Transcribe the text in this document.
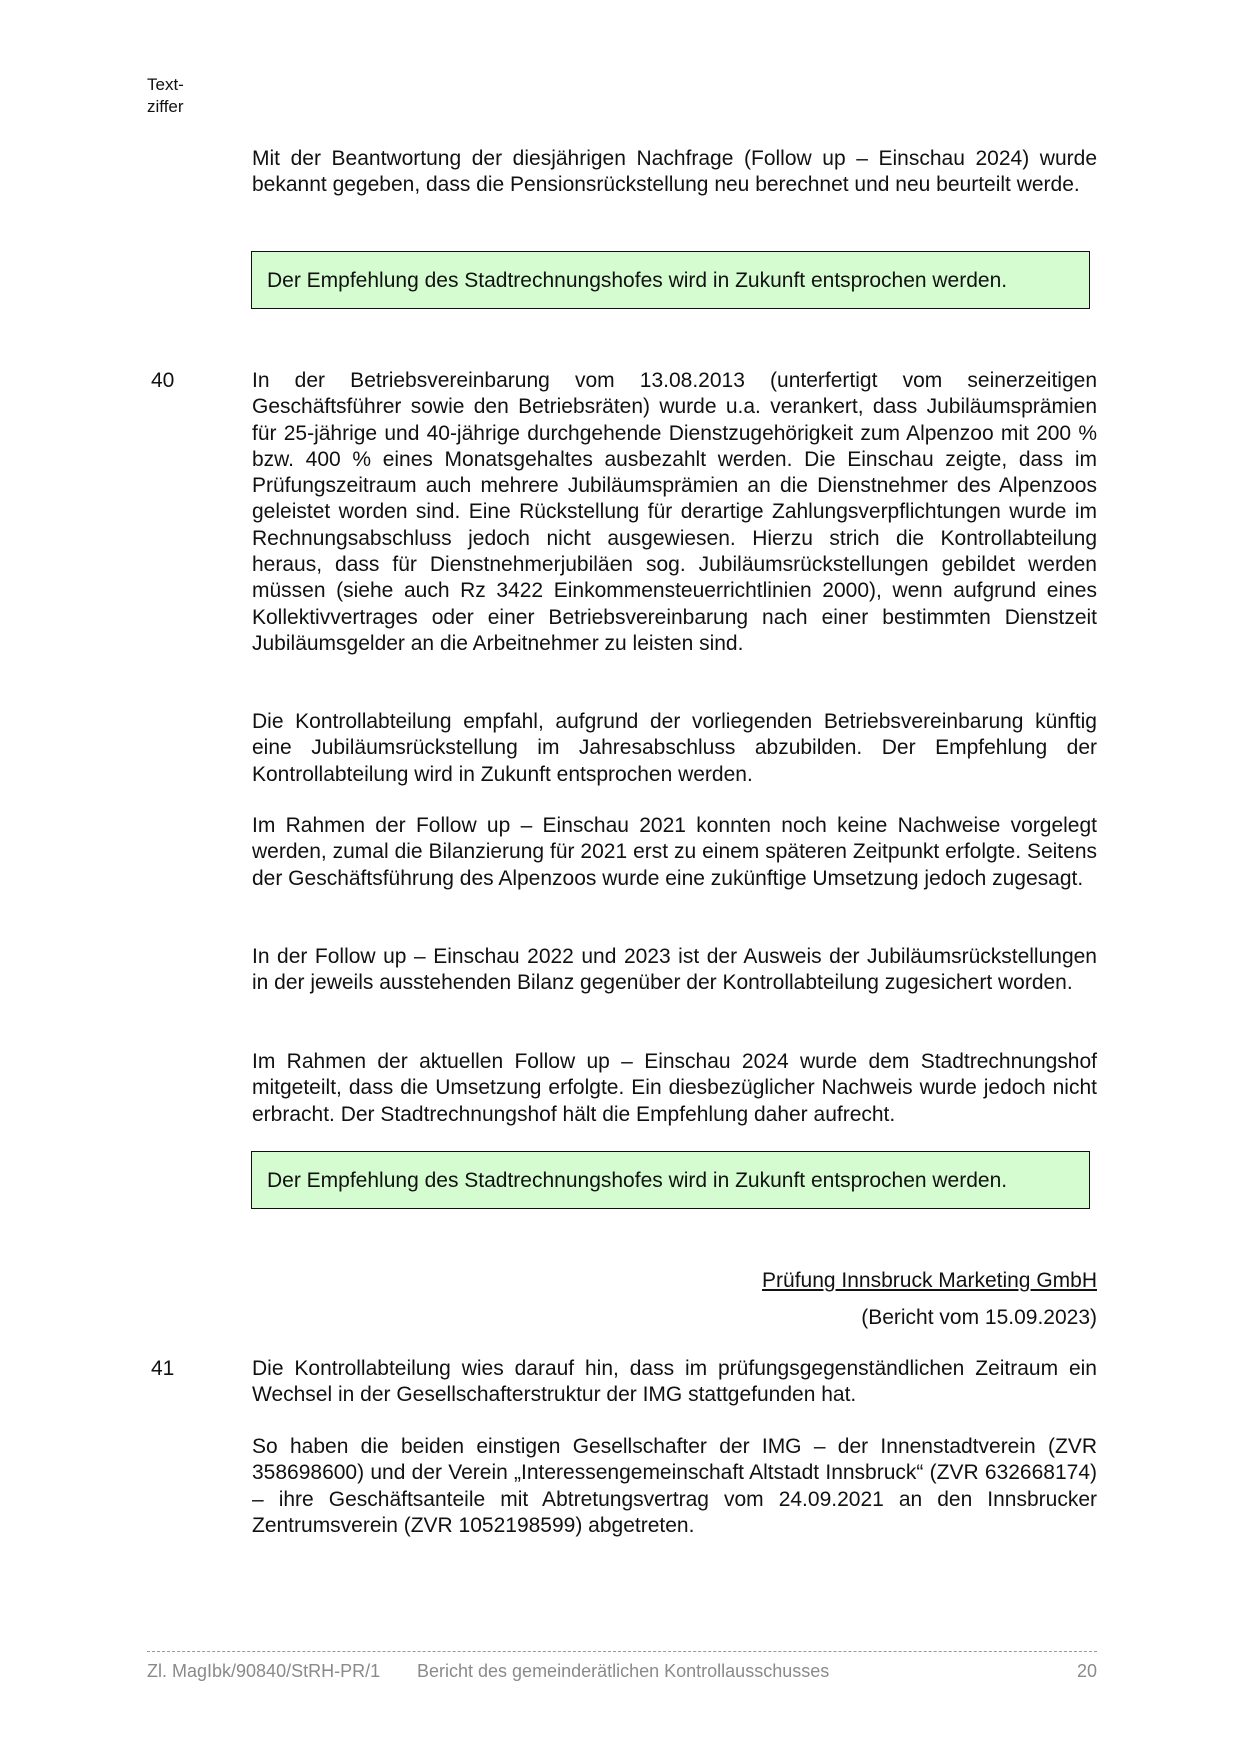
Text-
ziffer

Mit der Beantwortung der diesjährigen Nachfrage (Follow up – Einschau 2024) wurde bekannt gegeben, dass die Pensionsrückstellung neu berechnet und neu beurteilt werde.

Der Empfehlung des Stadtrechnungshofes wird in Zukunft entsprochen werden.
40	In der Betriebsvereinbarung vom 13.08.2013 (unterfertigt vom seinerzeitigen Geschäftsführer sowie den Betriebsräten) wurde u.a. verankert, dass Jubiläumsprämien für 25-jährige und 40-jährige durchgehende Dienstzugehörigkeit zum Alpenzoo mit 200 % bzw. 400 % eines Monatsgehaltes ausbezahlt werden. Die Einschau zeigte, dass im Prüfungszeitraum auch mehrere Jubiläumsprämien an die Dienstnehmer des Alpenzoos geleistet worden sind. Eine Rückstellung für derartige Zahlungsverpflichtungen wurde im Rechnungsabschluss jedoch nicht ausgewiesen. Hierzu strich die Kontrollabteilung heraus, dass für Dienstnehmerjubiläen sog. Jubiläumsrückstellungen gebildet werden müssen (siehe auch Rz 3422 Einkommensteuerrichtlinien 2000), wenn aufgrund eines Kollektivvertrages oder einer Betriebsvereinbarung nach einer bestimmten Dienstzeit Jubiläumsgelder an die Arbeitnehmer zu leisten sind.

Die Kontrollabteilung empfahl, aufgrund der vorliegenden Betriebsvereinbarung künftig eine Jubiläumsrückstellung im Jahresabschluss abzubilden. Der Empfehlung der Kontrollabteilung wird in Zukunft entsprochen werden.

Im Rahmen der Follow up – Einschau 2021 konnten noch keine Nachweise vorgelegt werden, zumal die Bilanzierung für 2021 erst zu einem späteren Zeitpunkt erfolgte. Seitens der Geschäftsführung des Alpenzoos wurde eine zukünftige Umsetzung jedoch zugesagt.

In der Follow up – Einschau 2022 und 2023 ist der Ausweis der Jubiläumsrückstellungen in der jeweils ausstehenden Bilanz gegenüber der Kontrollabteilung zugesichert worden.

Im Rahmen der aktuellen Follow up – Einschau 2024 wurde dem Stadtrechnungshof mitgeteilt, dass die Umsetzung erfolgte. Ein diesbezüglicher Nachweis wurde jedoch nicht erbracht. Der Stadtrechnungshof hält die Empfehlung daher aufrecht.

Der Empfehlung des Stadtrechnungshofes wird in Zukunft entsprochen werden.
Prüfung Innsbruck Marketing GmbH
(Bericht vom 15.09.2023)
41	Die Kontrollabteilung wies darauf hin, dass im prüfungsgegenständlichen Zeitraum ein Wechsel in der Gesellschafterstruktur der IMG stattgefunden hat.

So haben die beiden einstigen Gesellschafter der IMG – der Innenstadtverein (ZVR 358698600) und der Verein „Interessengemeinschaft Altstadt Innsbruck“ (ZVR 632668174) – ihre Geschäftsanteile mit Abtretungsvertrag vom 24.09.2021 an den Innsbrucker Zentrumsverein (ZVR 1052198599) abgetreten.

Zl. MagIbk/90840/StRH-PR/1 Bericht des gemeinderätlichen Kontrollausschusses	20
